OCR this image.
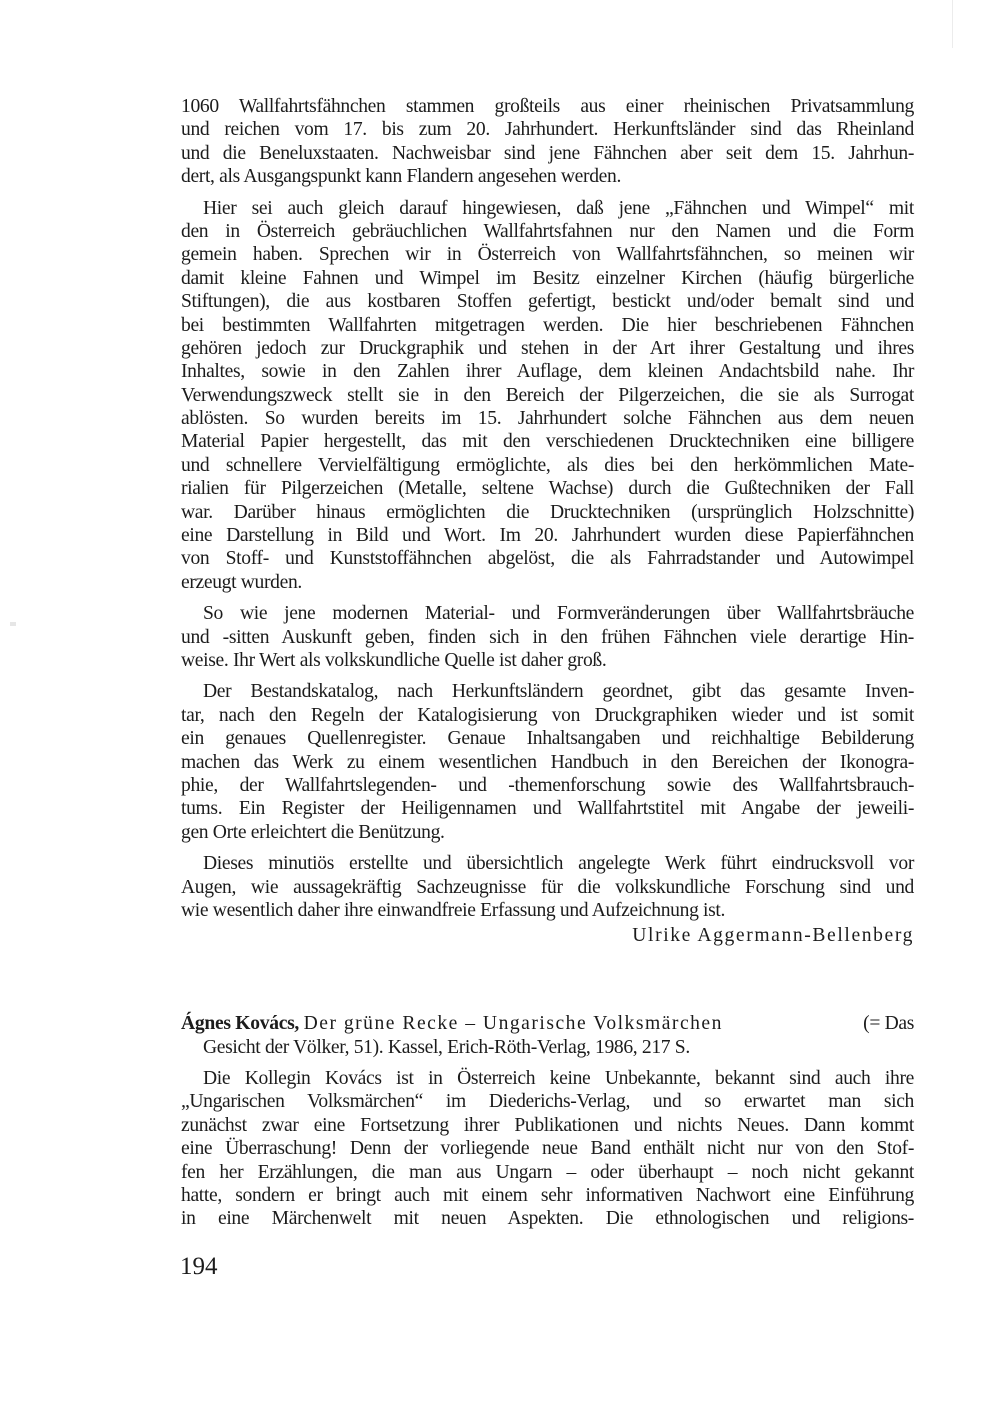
1060 Wallfahrtsfähnchen stammen großteils aus einer rheinischen Privatsammlung
und reichen vom 17. bis zum 20. Jahrhundert. Herkunftsländer sind das Rheinland
und die Beneluxstaaten. Nachweisbar sind jene Fähnchen aber seit dem 15. Jahrhun-
dert, als Ausgangspunkt kann Flandern angesehen werden.

Hier sei auch gleich darauf hingewiesen, daß jene „Fähnchen und Wimpel“ mit
den in Österreich gebräuchlichen Wallfahrtsfahnen nur den Namen und die Form
gemein haben. Sprechen wir in Österreich von Wallfahrtsfähnchen, so meinen wir
damit kleine Fahnen und Wimpel im Besitz einzelner Kirchen (häufig bürgerliche
Stiftungen), die aus kostbaren Stoffen gefertigt, bestickt und/oder bemalt sind und
bei bestimmten Wallfahrten mitgetragen werden. Die hier beschriebenen Fähnchen
gehören jedoch zur Druckgraphik und stehen in der Art ihrer Gestaltung und ihres
Inhaltes, sowie in den Zahlen ihrer Auflage, dem kleinen Andachtsbild nahe. Ihr
Verwendungszweck stellt sie in den Bereich der Pilgerzeichen, die sie als Surrogat
ablösten. So wurden bereits im 15. Jahrhundert solche Fähnchen aus dem neuen
Material Papier hergestellt, das mit den verschiedenen Drucktechniken eine billigere
und schnellere Vervielfältigung ermöglichte, als dies bei den herkömmlichen Mate-
rialien für Pilgerzeichen (Metalle, seltene Wachse) durch die Gußtechniken der Fall
war. Darüber hinaus ermöglichten die Drucktechniken (ursprünglich Holzschnitte)
eine Darstellung in Bild und Wort. Im 20. Jahrhundert wurden diese Papierfähnchen
von Stoff- und Kunststoffähnchen abgelöst, die als Fahrradstander und Autowimpel
erzeugt wurden.

So wie jene modernen Material- und Formveränderungen über Wallfahrtsbräuche
und -sitten Auskunft geben, finden sich in den frühen Fähnchen viele derartige Hin-
weise. Ihr Wert als volkskundliche Quelle ist daher groß.

Der Bestandskatalog, nach Herkunftsländern geordnet, gibt das gesamte Inven-
tar, nach den Regeln der Katalogisierung von Druckgraphiken wieder und ist somit
ein genaues Quellenregister. Genaue Inhaltsangaben und reichhaltige Bebilderung
machen das Werk zu einem wesentlichen Handbuch in den Bereichen der Ikonogra-
phie, der Wallfahrtslegenden- und -themenforschung sowie des Wallfahrtsbrauch-
tums. Ein Register der Heiligennamen und Wallfahrtstitel mit Angabe der jeweili-
gen Orte erleichtert die Benützung.

Dieses minutiös erstellte und übersichtlich angelegte Werk führt eindrucksvoll vor
Augen, wie aussagekräftig Sachzeugnisse für die volkskundliche Forschung sind und
wie wesentlich daher ihre einwandfreie Erfassung und Aufzeichnung ist.

Ulrike Aggermann-Bellenberg
Ágnes Kovács, Der grüne Recke – Ungarische Volksmärchen	(= Das
Gesicht der Völker, 51). Kassel, Erich-Röth-Verlag, 1986, 217 S.

Die Kollegin Kovács ist in Österreich keine Unbekannte, bekannt sind auch ihre
„Ungarischen Volksmärchen“ im Diederichs-Verlag, und so erwartet man sich
zunächst zwar eine Fortsetzung ihrer Publikationen und nichts Neues. Dann kommt
eine Überraschung! Denn der vorliegende neue Band enthält nicht nur von den Stof-
fen her Erzählungen, die man aus Ungarn – oder überhaupt – noch nicht gekannt
hatte, sondern er bringt auch mit einem sehr informativen Nachwort eine Einführung
in eine Märchenwelt mit neuen Aspekten. Die ethnologischen und religions-

194
